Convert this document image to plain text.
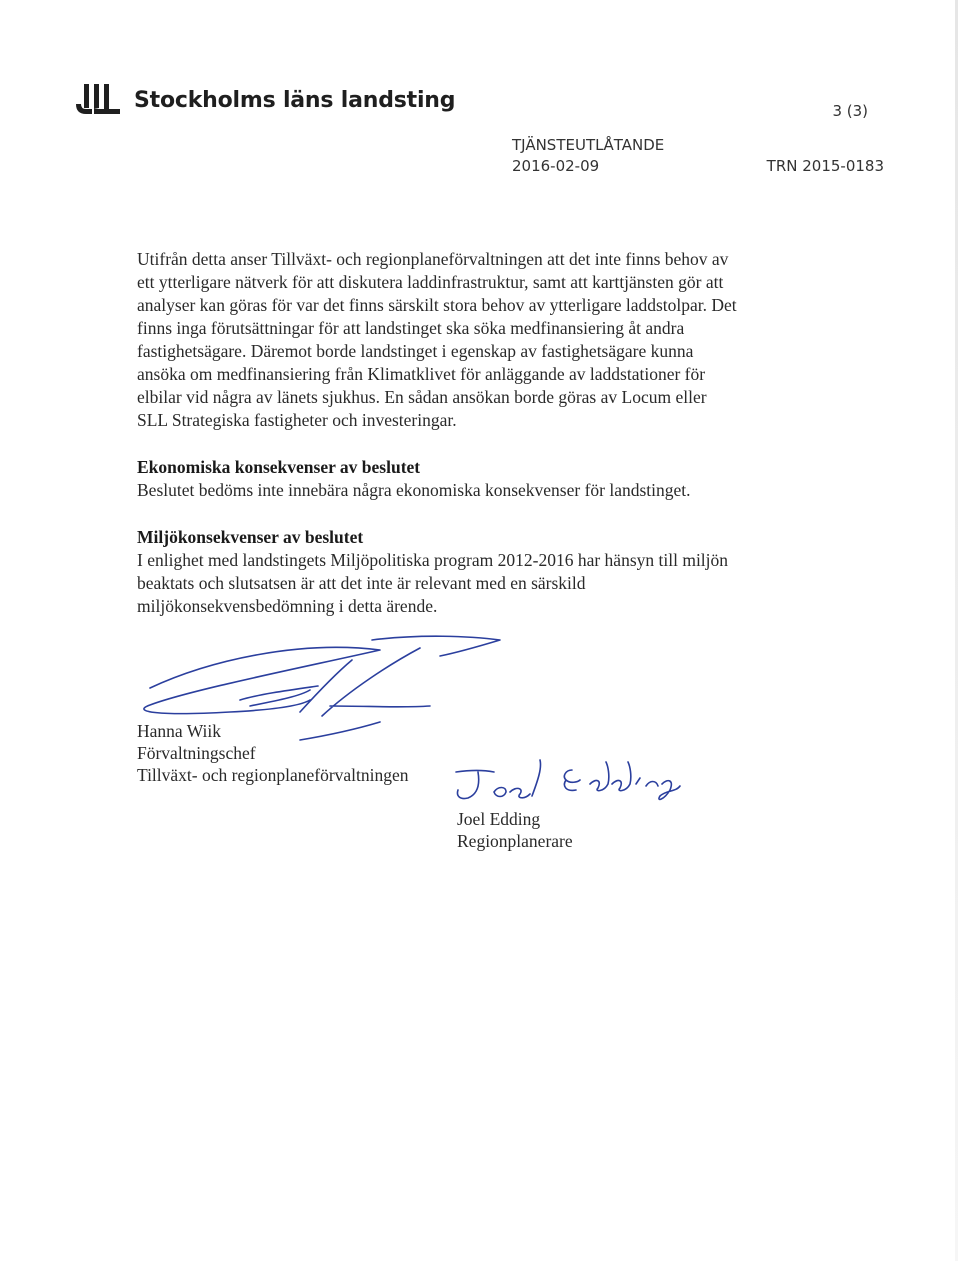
Stockholms läns landsting	3 (3)
TJÄNSTEUTLÅTANDE
2016-02-09	TRN 2015-0183

Utifrån detta anser Tillväxt- och regionplaneförvaltningen att det inte finns behov av ett ytterligare nätverk för att diskutera laddinfrastruktur, samt att karttjänsten gör att analyser kan göras för var det finns särskilt stora behov av ytterligare laddstolpar. Det finns inga förutsättningar för att landstinget ska söka medfinansiering åt andra fastighetsägare. Däremot borde landstinget i egenskap av fastighetsägare kunna ansöka om medfinansiering från Klimatklivet för anläggande av laddstationer för elbilar vid några av länets sjukhus. En sådan ansökan borde göras av Locum eller SLL Strategiska fastigheter och investeringar.

Ekonomiska konsekvenser av beslutet

Beslutet bedöms inte innebära några ekonomiska konsekvenser för landstinget.

Miljökonsekvenser av beslutet

I enlighet med landstingets Miljöpolitiska program 2012-2016 har hänsyn till miljön beaktats och slutsatsen är att det inte är relevant med en särskild miljökonsekvensbedömning i detta ärende.

Hanna Wiik
Förvaltningschef
Tillväxt- och regionplaneförvaltningen
Joel Edding
Regionplanerare
